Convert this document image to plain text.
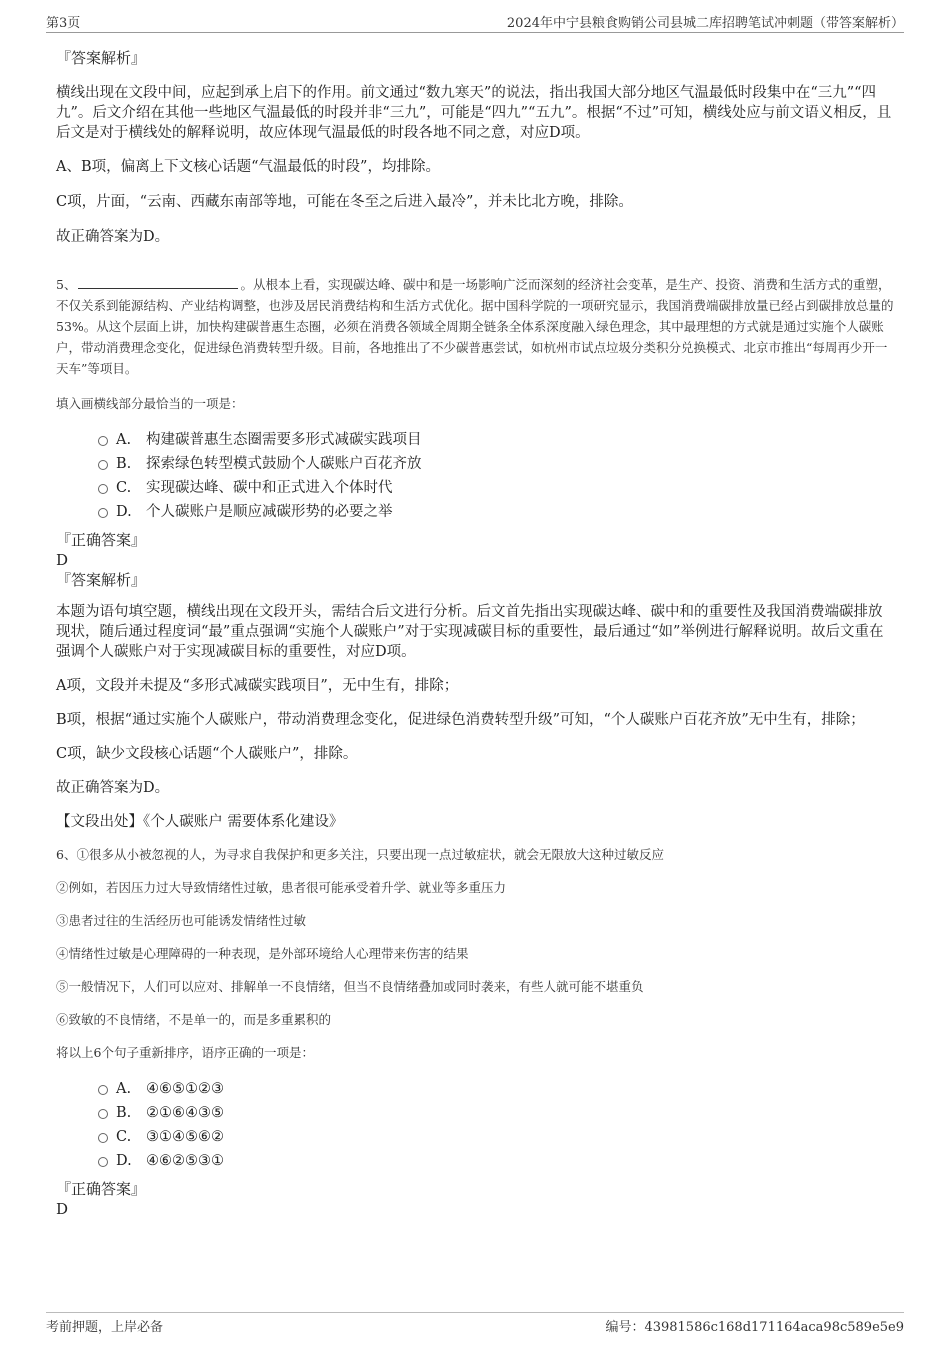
第3页	2024年中宁县粮食购销公司县城二库招聘笔试冲刺题（带答案解析）

『答案解析』

横线出现在文段中间，应起到承上启下的作用。前文通过“数九寒天”的说法，指出我国大部分地区气温最低时段集中在“三九”“四九”。后文介绍在其他一些地区气温最低的时段并非“三九”，可能是“四九”“五九”。根据“不过”可知，横线处应与前文语义相反，且后文是对于横线处的解释说明，故应体现气温最低的时段各地不同之意，对应D项。

A、B项，偏离上下文核心话题“气温最低的时段”，均排除。

C项，片面，“云南、西藏东南部等地，可能在冬至之后进入最冷”，并未比北方晚，排除。

故正确答案为D。

5、	。从根本上看，实现碳达峰、碳中和是一场影响广泛而深刻的经济社会变革，是生产、投资、消费和生活方式的重塑，不仅关系到能源结构、产业结构调整，也涉及居民消费结构和生活方式优化。据中国科学院的一项研究显示，我国消费端碳排放量已经占到碳排放总量的53%。从这个层面上讲，加快构建碳普惠生态圈，必须在消费各领域全周期全链条全体系深度融入绿色理念，其中最理想的方式就是通过实施个人碳账户，带动消费理念变化，促进绿色消费转型升级。目前，各地推出了不少碳普惠尝试，如杭州市试点垃圾分类积分兑换模式、北京市推出“每周再少开一天车”等项目。

填入画横线部分最恰当的一项是：

A. 构建碳普惠生态圈需要多形式减碳实践项目
B. 探索绿色转型模式鼓励个人碳账户百花齐放
C. 实现碳达峰、碳中和正式进入个体时代
D. 个人碳账户是顺应减碳形势的必要之举

『正确答案』

D

『答案解析』

本题为语句填空题，横线出现在文段开头，需结合后文进行分析。后文首先指出实现碳达峰、碳中和的重要性及我国消费端碳排放现状，随后通过程度词“最”重点强调“实施个人碳账户”对于实现减碳目标的重要性，最后通过“如”举例进行解释说明。故后文重在强调个人碳账户对于实现减碳目标的重要性，对应D项。

A项，文段并未提及“多形式减碳实践项目”，无中生有，排除；

B项，根据“通过实施个人碳账户，带动消费理念变化，促进绿色消费转型升级”可知，“个人碳账户百花齐放”无中生有，排除；

C项，缺少文段核心话题“个人碳账户”，排除。

故正确答案为D。

【文段出处】《个人碳账户 需要体系化建设》

6、①很多从小被忽视的人，为寻求自我保护和更多关注，只要出现一点过敏症状，就会无限放大这种过敏反应

②例如，若因压力过大导致情绪性过敏，患者很可能承受着升学、就业等多重压力

③患者过往的生活经历也可能诱发情绪性过敏

④情绪性过敏是心理障碍的一种表现，是外部环境给人心理带来伤害的结果

⑤一般情况下，人们可以应对、排解单一不良情绪，但当不良情绪叠加或同时袭来，有些人就可能不堪重负

⑥致敏的不良情绪，不是单一的，而是多重累积的

将以上6个句子重新排序，语序正确的一项是：

A. ④⑥⑤①②③
B. ②①⑥④③⑤
C. ③①④⑤⑥②
D. ④⑥②⑤③①

『正确答案』

D

考前押题，上岸必备	编号：43981586c168d171164aca98c589e5e9
